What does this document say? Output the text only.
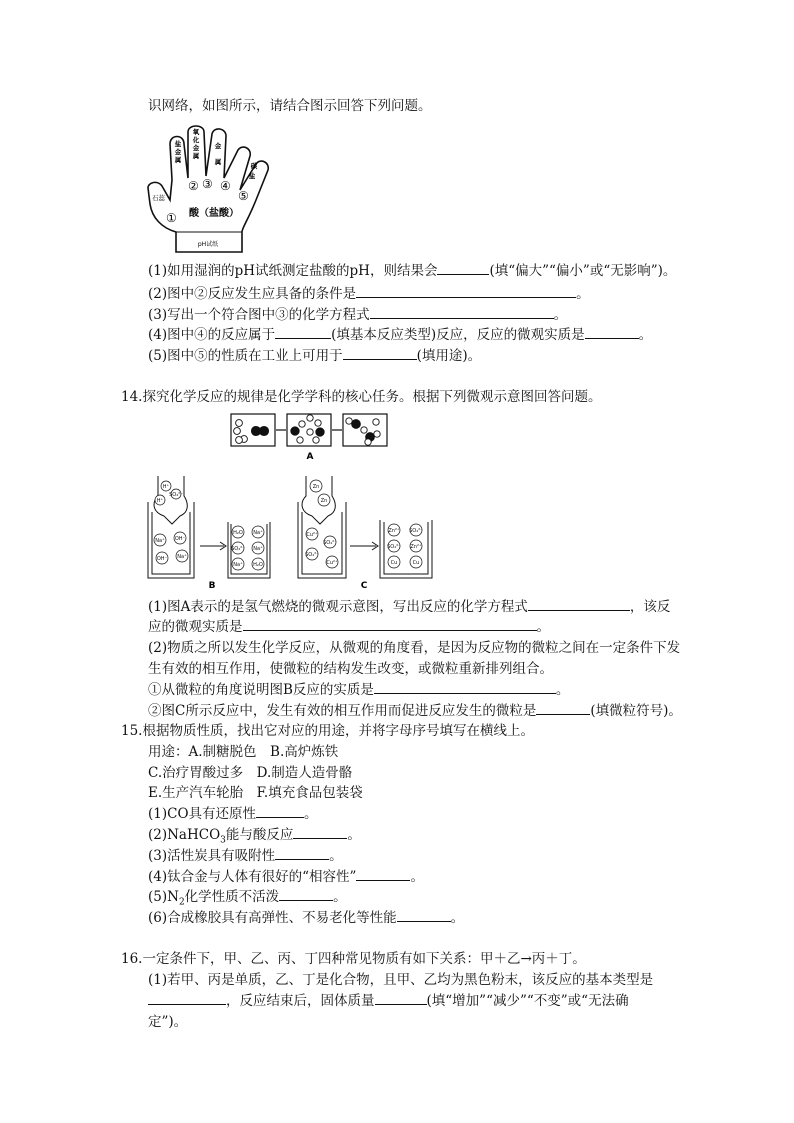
识网络，如图所示，请结合图示回答下列问题。
pH试纸
酸（盐酸）
①
② ③ ④
⑤
石蕊
盐
金
属
氧
化
金
属
金
属	碳
盐
(1)如用湿润的pH试纸测定盐酸的pH，则结果会	(填“偏大”“偏小”或“无影响”)。
(2)图中②反应发生应具备的条件是	。
(3)写出一个符合图中③的化学方程式	。
(4)图中④的反应属于	(填基本反应类型)反应，反应的微观实质是	。
(5)图中⑤的性质在工业上可用于	(填用途)。
14.探究化学反应的规律是化学学科的核心任务。根据下列微观示意图回答问题。
A
H⁺
SO₄²⁻
H⁺
Na⁺ OH⁻
OH⁻ Na⁺
H₂O Na⁺
SO₄²⁻ Na⁺
Na⁺ H₂O
Zn
Zn
Cu²⁺
SO₄²⁻
SO₄²⁻
Cu²⁺
Zn²⁺ SO₄²⁻
SO₄²⁻ Zn²⁺
Cu	Cu
B	C
(1)图A表示的是氢气燃烧的微观示意图，写出反应的化学方程式	，该反
应的微观实质是	。
(2)物质之所以发生化学反应，从微观的角度看，是因为反应物的微粒之间在一定条件下发
生有效的相互作用，使微粒的结构发生改变，或微粒重新排列组合。
①从微粒的角度说明图B反应的实质是	。
②图C所示反应中，发生有效的相互作用而促进反应发生的微粒是	(填微粒符号)。
15.根据物质性质，找出它对应的用途，并将字母序号填写在横线上。
用途：A.制糖脱色　B.高炉炼铁
C.治疗胃酸过多　D.制造人造骨骼
E.生产汽车轮胎　F.填充食品包装袋
(1)CO具有还原性	。
(2)NaHCO$_3$能与酸反应	。
(3)活性炭具有吸附性	。
(4)钛合金与人体有很好的“相容性”	。
$(5)N_2$化学性质不活泼	。
(6)合成橡胶具有高弹性、不易老化等性能	。
16.一定条件下，甲、乙、丙、丁四种常见物质有如下关系：甲＋乙→丙＋丁。
(1)若甲、丙是单质，乙、丁是化合物，且甲、乙均为黑色粉末，该反应的基本类型是
，反应结束后，固体质量	(填“增加”“减少”“不变”或“无法确
定”)。
